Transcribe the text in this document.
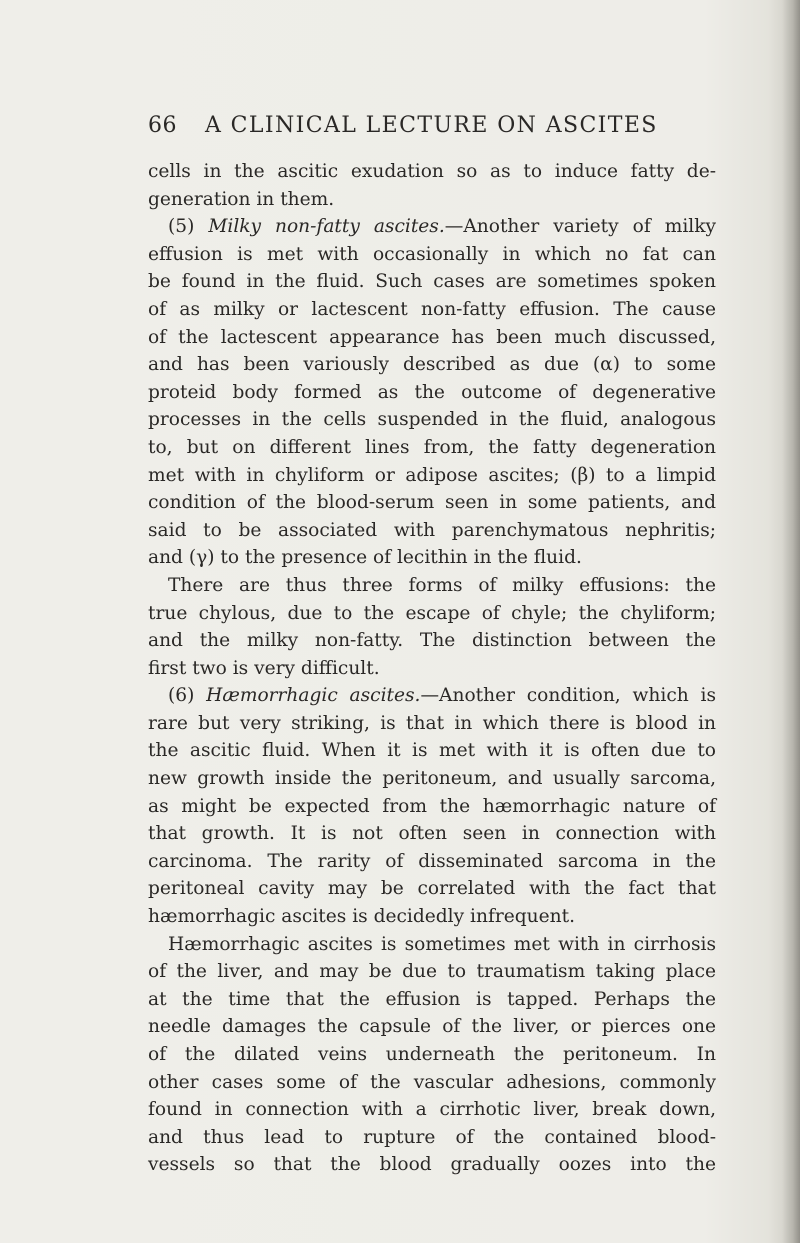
66 A CLINICAL LECTURE ON ASCITES
cells in the ascitic exudation so as to induce fatty de-
generation in them.
(5) Milky non-fatty ascites.—Another variety of milky
effusion is met with occasionally in which no fat can
be found in the fluid. Such cases are sometimes spoken
of as milky or lactescent non-fatty effusion. The cause
of the lactescent appearance has been much discussed,
and has been variously described as due (α) to some
proteid body formed as the outcome of degenerative
processes in the cells suspended in the fluid, analogous
to, but on different lines from, the fatty degeneration
met with in chyliform or adipose ascites; (β) to a limpid
condition of the blood-serum seen in some patients, and
said to be associated with parenchymatous nephritis;
and (γ) to the presence of lecithin in the fluid.
There are thus three forms of milky effusions: the
true chylous, due to the escape of chyle; the chyliform;
and the milky non-fatty. The distinction between the
first two is very difficult.
(6) Hæmorrhagic ascites.—Another condition, which is
rare but very striking, is that in which there is blood in
the ascitic fluid. When it is met with it is often due to
new growth inside the peritoneum, and usually sarcoma,
as might be expected from the hæmorrhagic nature of
that growth. It is not often seen in connection with
carcinoma. The rarity of disseminated sarcoma in the
peritoneal cavity may be correlated with the fact that
hæmorrhagic ascites is decidedly infrequent.
Hæmorrhagic ascites is sometimes met with in cirrhosis
of the liver, and may be due to traumatism taking place
at the time that the effusion is tapped. Perhaps the
needle damages the capsule of the liver, or pierces one
of the dilated veins underneath the peritoneum. In
other cases some of the vascular adhesions, commonly
found in connection with a cirrhotic liver, break down,
and thus lead to rupture of the contained blood-
vessels so that the blood gradually oozes into the
